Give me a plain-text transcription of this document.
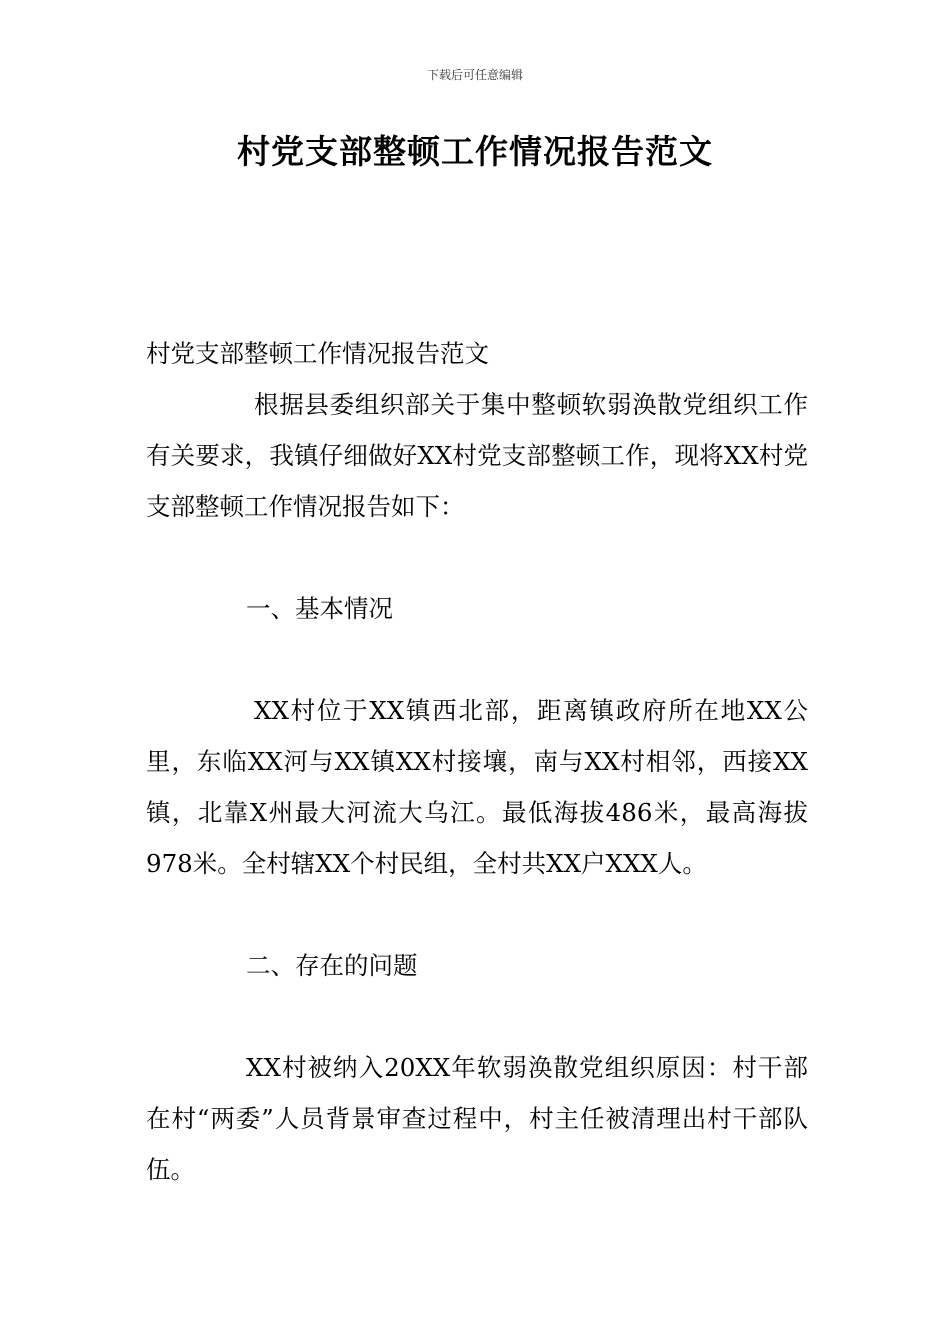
下载后可任意编辑
村党支部整顿工作情况报告范文

村党支部整顿工作情况报告范文

根据县委组织部关于集中整顿软弱涣散党组织工作有关要求，我镇仔细做好XX村党支部整顿工作，现将XX村党支部整顿工作情况报告如下：

一、基本情况

XX村位于XX镇西北部，距离镇政府所在地XX公里，东临XX河与XX镇XX村接壤，南与XX村相邻，西接XX镇，北靠X州最大河流大乌江。最低海拔486米，最高海拔978米。全村辖XX个村民组，全村共XX户XXX人。

二、存在的问题

XX村被纳入20XX年软弱涣散党组织原因：村干部在村“两委”人员背景审查过程中，村主任被清理出村干部队伍。
